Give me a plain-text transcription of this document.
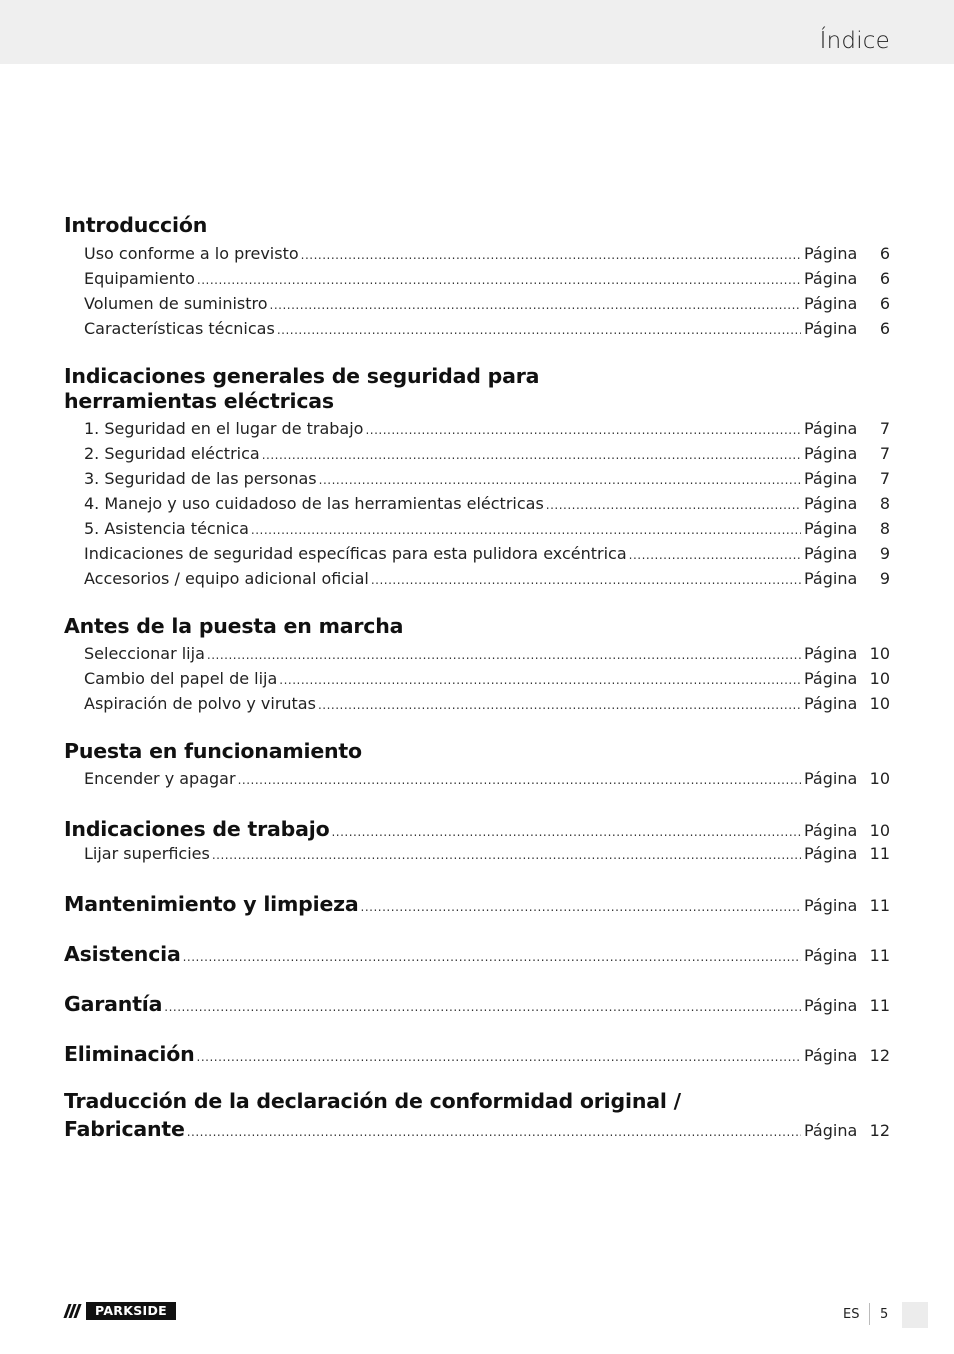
Índice
Introducción
Uso conforme a lo previsto .....	Página	6
Equipamiento .....	Página	6
Volumen de suministro .....	Página	6
Características técnicas .....	Página	6
Indicaciones generales de seguridad para
herramientas eléctricas
1. Seguridad en el lugar de trabajo .....	Página	7
2. Seguridad eléctrica .....	Página	7
3. Seguridad de las personas .....	Página	7
4. Manejo y uso cuidadoso de las herramientas eléctricas .....	Página	8
5. Asistencia técnica .....	Página	8
Indicaciones de seguridad específicas para esta pulidora excéntrica .....	Página	9
Accesorios / equipo adicional oficial .....	Página	9
Antes de la puesta en marcha
Seleccionar lija .....	Página 10
Cambio del papel de lija .....	Página 10
Aspiración de polvo y virutas .....	Página 10
Puesta en funcionamiento
Encender y apagar .....	Página 10
Indicaciones de trabajo .....	Página 10
Lijar superficies .....	Página 11
Mantenimiento y limpieza .....	Página 11
Asistencia .....	Página 11
Garantía .....	Página 11
Eliminación .....	Página 12
Traducción de la declaración de conformidad original /
Fabricante .....	Página 12
PARKSIDE	ES 5
